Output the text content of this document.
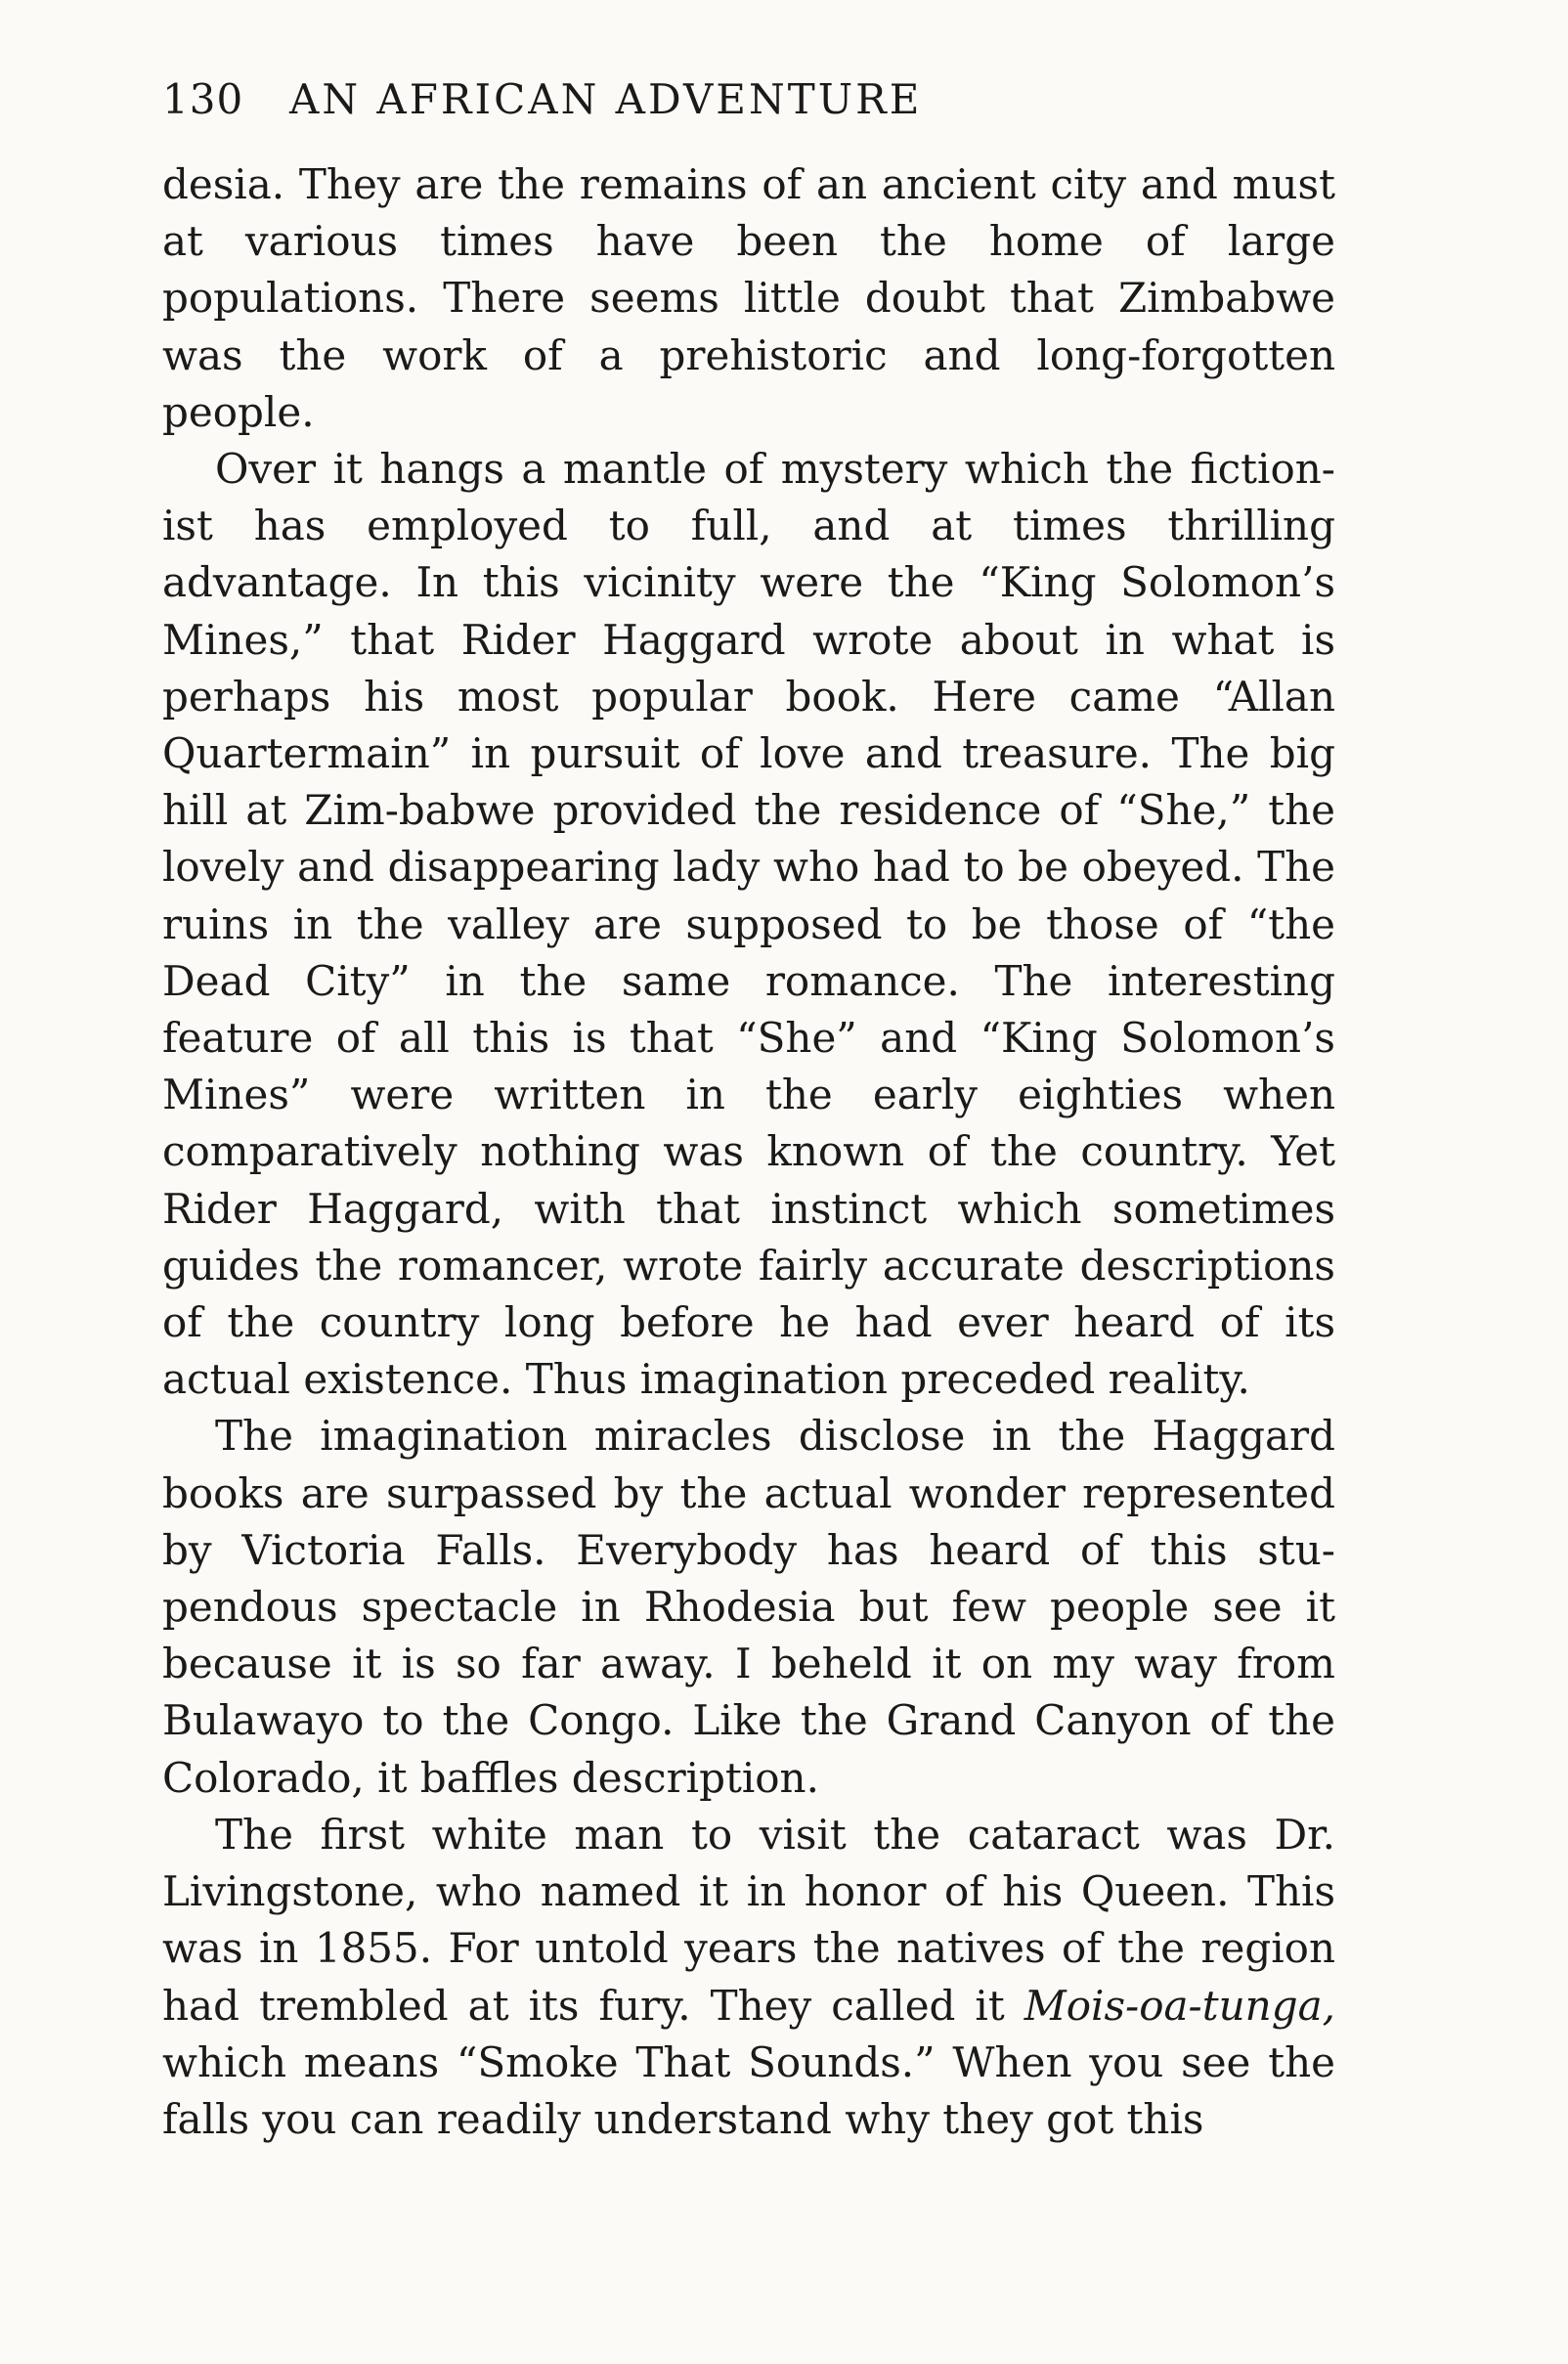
130 AN AFRICAN ADVENTURE

desia. They are the remains of an ancient city and must at various times have been the home of large populations. There seems little doubt that Zimbabwe was the work of a prehistoric and long-forgotten people.

Over it hangs a mantle of mystery which the fiction-ist has employed to full, and at times thrilling advantage. In this vicinity were the “King Solomon’s Mines,” that Rider Haggard wrote about in what is perhaps his most popular book. Here came “Allan Quartermain” in pursuit of love and treasure. The big hill at Zim-babwe provided the residence of “She,” the lovely and disappearing lady who had to be obeyed. The ruins in the valley are supposed to be those of “the Dead City” in the same romance. The interesting feature of all this is that “She” and “King Solomon’s Mines” were written in the early eighties when comparatively nothing was known of the country. Yet Rider Haggard, with that instinct which sometimes guides the romancer, wrote fairly accurate descriptions of the country long before he had ever heard of its actual existence. Thus imagination preceded reality.

The imagination miracles disclose in the Haggard books are surpassed by the actual wonder represented by Victoria Falls. Everybody has heard of this stu-pendous spectacle in Rhodesia but few people see it because it is so far away. I beheld it on my way from Bulawayo to the Congo. Like the Grand Canyon of the Colorado, it baffles description.

The first white man to visit the cataract was Dr. Livingstone, who named it in honor of his Queen. This was in 1855. For untold years the natives of the region had trembled at its fury. They called it Mois-oa-tunga, which means “Smoke That Sounds.” When you see the falls you can readily understand why they got this
